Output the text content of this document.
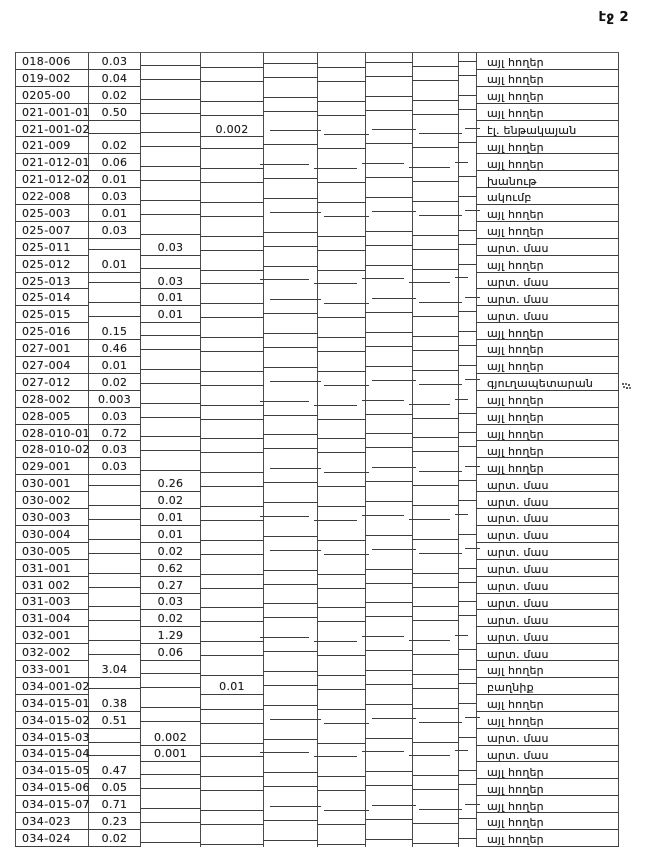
էջ 2
018-006	0.03								այլ հողեր
019-002	0.04								այլ հողեր
0205-00	0.02								այլ հողեր
021-001-01	0.50								այլ հողեր
021-001-02			0.002						էլ. ենթակայան
021-009	0.02								այլ հողեր
021-012-01	0.06								այլ հողեր
021-012-02	0.01								խանութ
022-008	0.03								ակումբ
025-003	0.01								այլ հողեր
025-007	0.03								այլ հողեր
025-011		0.03							արտ. մաս
025-012	0.01								այլ հողեր
025-013		0.03							արտ. մաս
025-014		0.01							արտ. մաս
025-015		0.01							արտ. մաս
025-016	0.15								այլ հողեր
027-001	0.46								այլ հողեր
027-004	0.01								այլ հողեր
027-012	0.02								գյուղապետարան
028-002	0.003								այլ հողեր
028-005	0.03								այլ հողեր
028-010-01	0.72								այլ հողեր
028-010-02	0.03								այլ հողեր
029-001	0.03								այլ հողեր
030-001		0.26							արտ. մաս
030-002		0.02							արտ. մաս
030-003		0.01							արտ. մաս
030-004		0.01							արտ. մաս
030-005		0.02							արտ. մաս
031-001		0.62							արտ. մաս
031 002		0.27							արտ. մաս
031-003		0.03							արտ. մաս
031-004		0.02							արտ. մաս
032-001		1.29							արտ. մաս
032-002		0.06							արտ. մաս
033-001	3.04								այլ հողեր
034-001-02			0.01						բաղնիք
034-015-01	0.38								այլ հողեր
034-015-02	0.51								այլ հողեր
034-015-03		0.002							արտ. մաս
034-015-04		0.001							արտ. մաս
034-015-05	0.47								այլ հողեր
034-015-06	0.05								այլ հողեր
034-015-07	0.71								այլ հողեր
034-023	0.23								այլ հողեր
034-024	0.02								այլ հողեր
